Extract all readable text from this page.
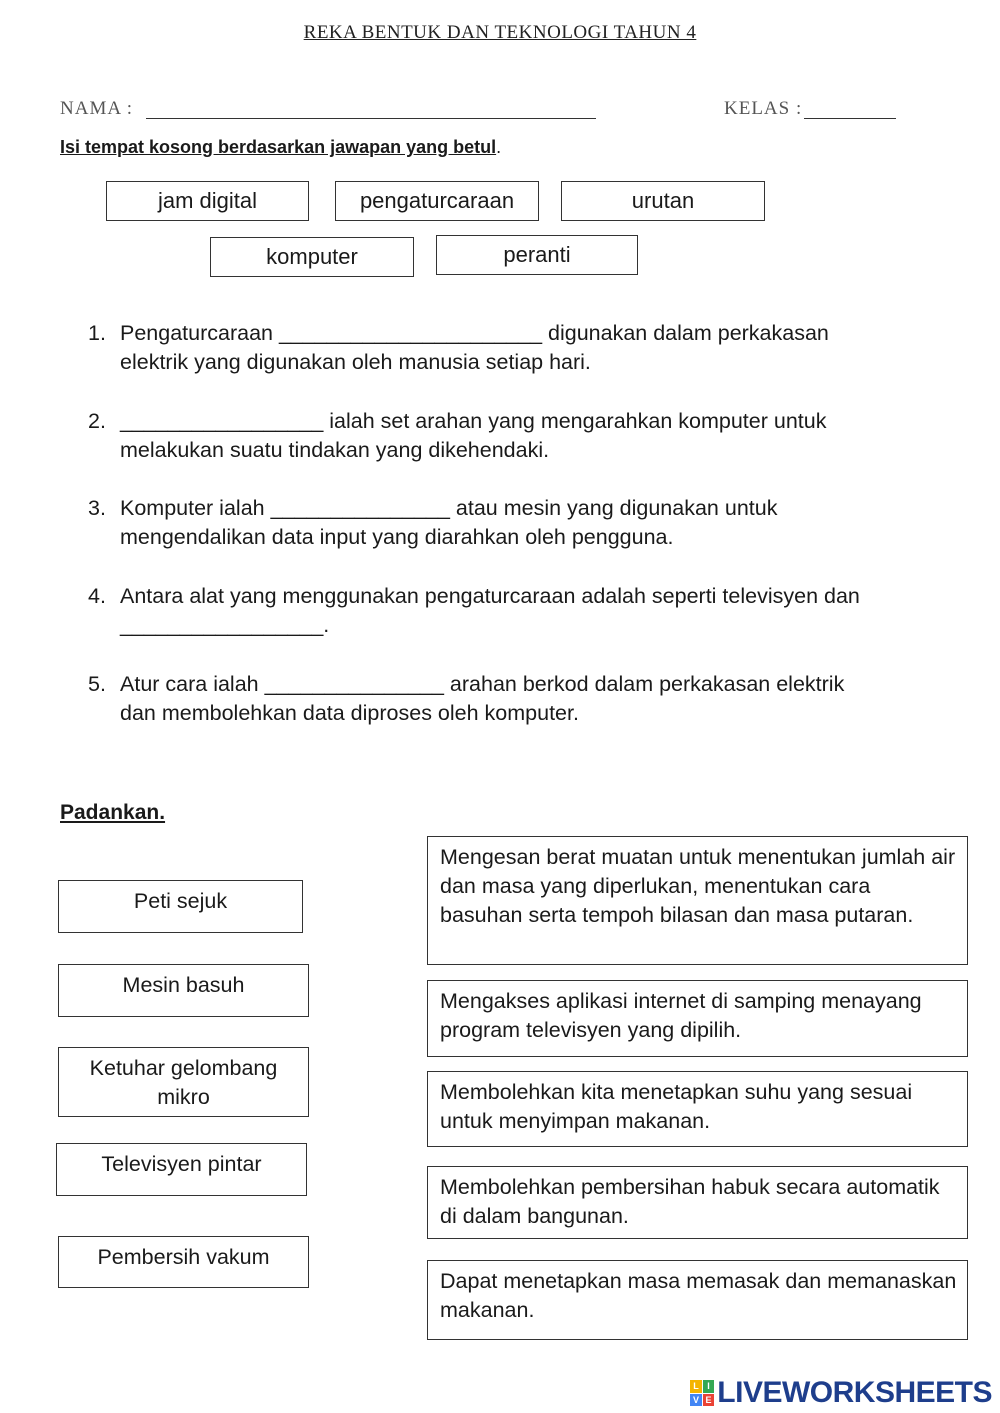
REKA BENTUK DAN TEKNOLOGI TAHUN 4
NAMA :	KELAS :
Isi tempat kosong berdasarkan jawapan yang betul.
jam digital	pengaturcaraan	urutan
komputer	peranti
1. Pengaturcaraan ______________________ digunakan dalam perkakasan
elektrik yang digunakan oleh manusia setiap hari.
2. _________________ ialah set arahan yang mengarahkan komputer untuk
melakukan suatu tindakan yang dikehendaki.
3. Komputer ialah _______________ atau mesin yang digunakan untuk
mengendalikan data input yang diarahkan oleh pengguna.
4. Antara alat yang menggunakan pengaturcaraan adalah seperti televisyen dan
_________________.
5. Atur cara ialah _______________ arahan berkod dalam perkakasan elektrik
dan membolehkan data diproses oleh komputer.
Padankan.
Peti sejuk
Mesin basuh
Ketuhar gelombang mikro
Televisyen pintar
Pembersih vakum
Mengesan berat muatan untuk menentukan jumlah air dan masa yang diperlukan, menentukan cara basuhan serta tempoh bilasan dan masa putaran.
Mengakses aplikasi internet di samping menayang program televisyen yang dipilih.
Membolehkan kita menetapkan suhu yang sesuai untuk menyimpan makanan.
Membolehkan pembersihan habuk secara automatik di dalam bangunan.
Dapat menetapkan masa memasak dan memanaskan makanan.
L I
V E LIVEWORKSHEETS
